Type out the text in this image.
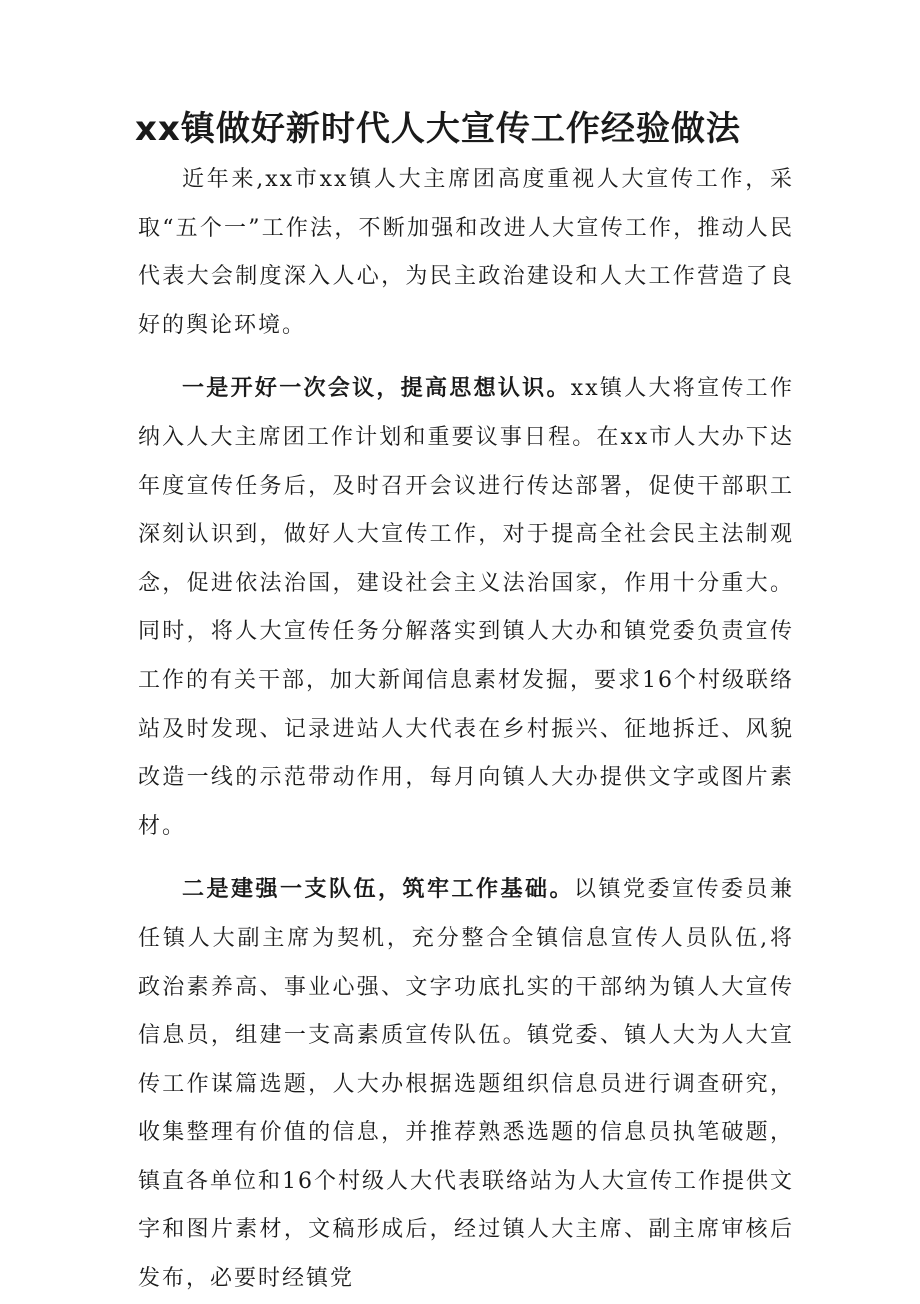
xx镇做好新时代人大宣传工作经验做法

近年来,xx市xx镇人大主席团高度重视人大宣传工作，采取“五个一”工作法，不断加强和改进人大宣传工作，推动人民代表大会制度深入人心，为民主政治建设和人大工作营造了良好的舆论环境。

一是开好一次会议，提高思想认识。xx镇人大将宣传工作纳入人大主席团工作计划和重要议事日程。在xx市人大办下达年度宣传任务后，及时召开会议进行传达部署，促使干部职工深刻认识到，做好人大宣传工作，对于提高全社会民主法制观念，促进依法治国，建设社会主义法治国家，作用十分重大。同时，将人大宣传任务分解落实到镇人大办和镇党委负责宣传工作的有关干部，加大新闻信息素材发掘，要求16个村级联络站及时发现、记录进站人大代表在乡村振兴、征地拆迁、风貌改造一线的示范带动作用，每月向镇人大办提供文字或图片素材。

二是建强一支队伍，筑牢工作基础。以镇党委宣传委员兼任镇人大副主席为契机，充分整合全镇信息宣传人员队伍,将政治素养高、事业心强、文字功底扎实的干部纳为镇人大宣传信息员，组建一支高素质宣传队伍。镇党委、镇人大为人大宣传工作谋篇选题，人大办根据选题组织信息员进行调查研究，收集整理有价值的信息，并推荐熟悉选题的信息员执笔破题，镇直各单位和16个村级人大代表联络站为人大宣传工作提供文字和图片素材，文稿形成后，经过镇人大主席、副主席审核后发布，必要时经镇党
